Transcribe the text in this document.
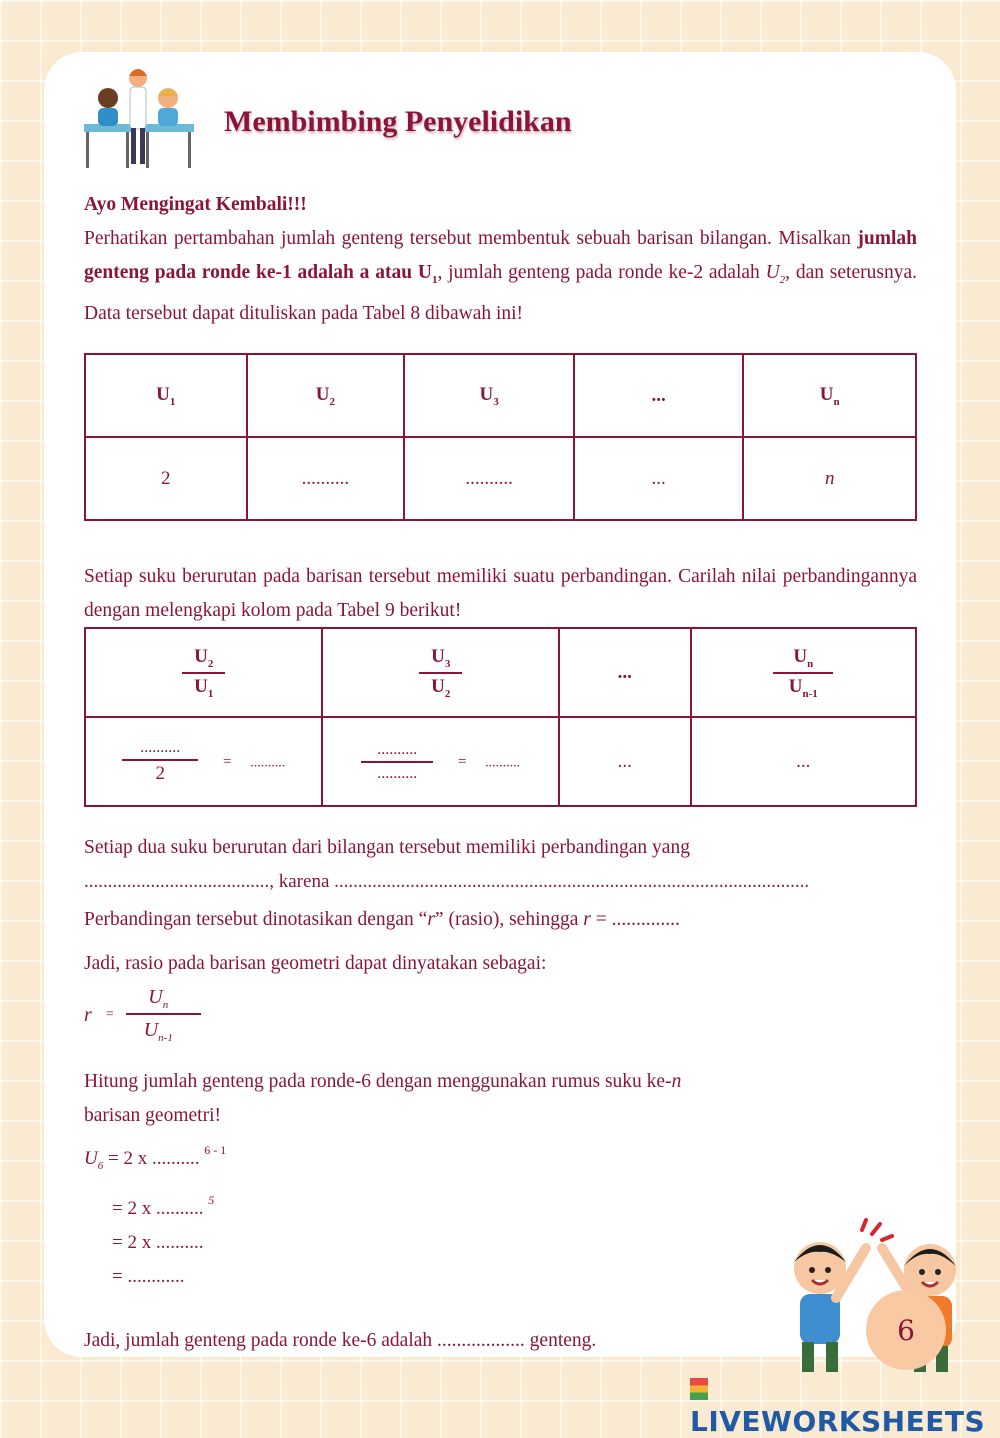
Membimbing Penyelidikan

Ayo Mengingat Kembali!!!

Perhatikan pertambahan jumlah genteng tersebut membentuk sebuah barisan bilangan. Misalkan jumlah genteng pada ronde ke-1 adalah a atau $U_1$, jumlah genteng pada ronde ke-2 adalah $U_2$, dan seterusnya. Data tersebut dapat dituliskan pada Tabel 8 dibawah ini!

$U_1$	$U_2$	$U_3$	...	$U_n$
2	..........	..........	...	n

Setiap suku berurutan pada barisan tersebut memiliki suatu perbandingan. Carilah nilai perbandingannya dengan melengkapi kolom pada Tabel 9 berikut!

$\frac{U_2}{U_1}$	$\frac{U_3}{U_2}$	...	$\frac{U_n}{U_{n-1}}$

$\frac{..........}{2}$ = ..........	$\frac{..........}{..........}$ = ..........	...	...

Setiap dua suku berurutan dari bilangan tersebut memiliki perbandingan yang

......................................., karena ....................................................................................................

Perbandingan tersebut dinotasikan dengan “r” (rasio), sehingga r = ..............

Jadi, rasio pada barisan geometri dapat dinyatakan sebagai:

$r = \frac{U_n}{U_{n-1}}$

Hitung jumlah genteng pada ronde-6 dengan menggunakan rumus suku ke-n

barisan geometri!

$U_6 = 2$ x .......... $^{6 - 1}$
= 2 x .......... $^5$
= 2 x ..........
= ............

Jadi, jumlah genteng pada ronde ke-6 adalah .................. genteng.	6
LIVEWORKSHEETS
